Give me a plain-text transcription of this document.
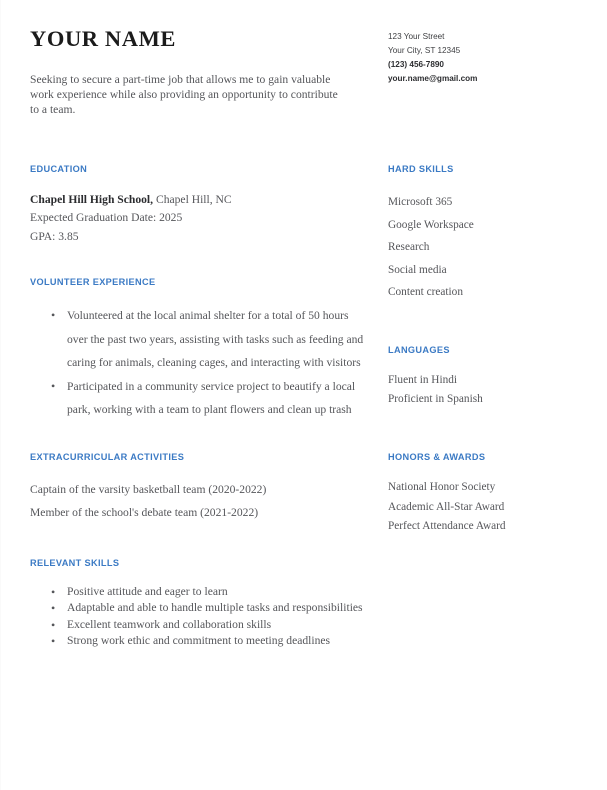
YOUR NAME

Seeking to secure a part-time job that allows me to gain valuable work experience while also providing an opportunity to contribute to a team.

123 Your Street
Your City, ST 12345
(123) 456-7890
your.name@gmail.com
EDUCATION
Chapel Hill High School, Chapel Hill, NC
Expected Graduation Date: 2025
GPA: 3.85
VOLUNTEER EXPERIENCE
• Volunteered at the local animal shelter for a total of 50 hours over the past two years, assisting with tasks such as feeding and caring for animals, cleaning cages, and interacting with visitors
• Participated in a community service project to beautify a local park, working with a team to plant flowers and clean up trash
EXTRACURRICULAR ACTIVITIES
Captain of the varsity basketball team (2020-2022)
Member of the school's debate team (2021-2022)
RELEVANT SKILLS
• Positive attitude and eager to learn
• Adaptable and able to handle multiple tasks and responsibilities
• Excellent teamwork and collaboration skills
• Strong work ethic and commitment to meeting deadlines
HARD SKILLS
Microsoft 365
Google Workspace
Research
Social media
Content creation
LANGUAGES
Fluent in Hindi
Proficient in Spanish
HONORS & AWARDS
National Honor Society
Academic All-Star Award
Perfect Attendance Award
